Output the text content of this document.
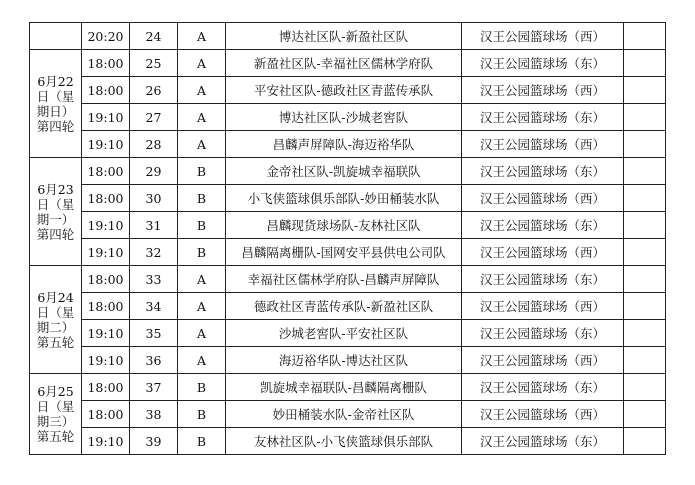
	20:20	24	A	博达社区队-新盈社区队	汉王公园篮球场（西）	
6月22日（星期日）第四轮	18:00	25	A	新盈社区队-幸福社区儒林学府队	汉王公园篮球场（东）	
	18:00	26	A	平安社区队-德政社区青蓝传承队	汉王公园篮球场（西）	
	19:10	27	A	博达社区队-沙城老窖队	汉王公园篮球场（东）	
	19:10	28	A	昌麟声屏障队-海迈裕华队	汉王公园篮球场（西）	
6月23日（星期一）第四轮	18:00	29	B	金帝社区队-凯旋城幸福联队	汉王公园篮球场（东）	
	18:00	30	B	小飞侠篮球俱乐部队-妙田桶装水队	汉王公园篮球场（西）	
	19:10	31	B	昌麟现货球场队-友林社区队	汉王公园篮球场（东）	
	19:10	32	B	昌麟隔离栅队-国网安平县供电公司队	汉王公园篮球场（西）	
6月24日（星期二）第五轮	18:00	33	A	幸福社区儒林学府队-昌麟声屏障队	汉王公园篮球场（东）	
	18:00	34	A	德政社区青蓝传承队-新盈社区队	汉王公园篮球场（西）	
	19:10	35	A	沙城老窖队-平安社区队	汉王公园篮球场（东）	
	19:10	36	A	海迈裕华队-博达社区队	汉王公园篮球场（西）	
6月25日（星期三）第五轮	18:00	37	B	凯旋城幸福联队-昌麟隔离栅队	汉王公园篮球场（东）	
	18:00	38	B	妙田桶装水队-金帝社区队	汉王公园篮球场（西）	
	19:10	39	B	友林社区队-小飞侠篮球俱乐部队	汉王公园篮球场（东）	
